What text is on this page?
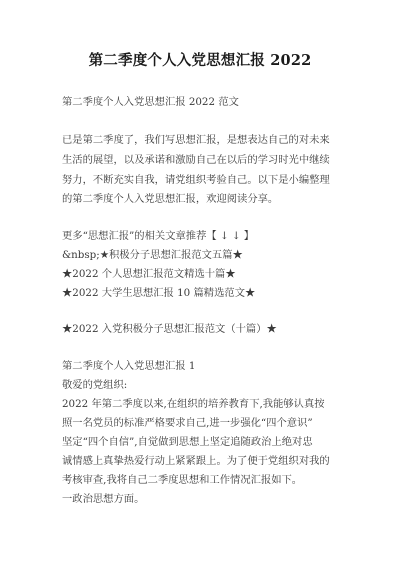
第二季度个人入党思想汇报 2022
第二季度个人入党思想汇报 2022 范文
已是第二季度了，我们写思想汇报，是想表达自己的对未来
生活的展望，以及承诺和激励自己在以后的学习时光中继续
努力，不断充实自我，请党组织考验自己。以下是小编整理
的第二季度个人入党思想汇报，欢迎阅读分享。
更多“思想汇报”的相关文章推荐【 ↓ ↓ 】
&nbsp;★积极分子思想汇报范文五篇★
★2022 个人思想汇报范文精选十篇★
★2022 大学生思想汇报 10 篇精选范文★
★2022 入党积极分子思想汇报范文（十篇）★
第二季度个人入党思想汇报 1
敬爱的党组织:
2022 年第二季度以来,在组织的培养教育下,我能够认真按
照一名党员的标准严格要求自己,进一步强化“四个意识”
坚定“四个自信”,自觉做到思想上坚定追随政治上绝对忠
诚情感上真挚热爱行动上紧紧跟上。为了便于党组织对我的
考核审查,我将自己二季度思想和工作情况汇报如下。
一政治思想方面。
